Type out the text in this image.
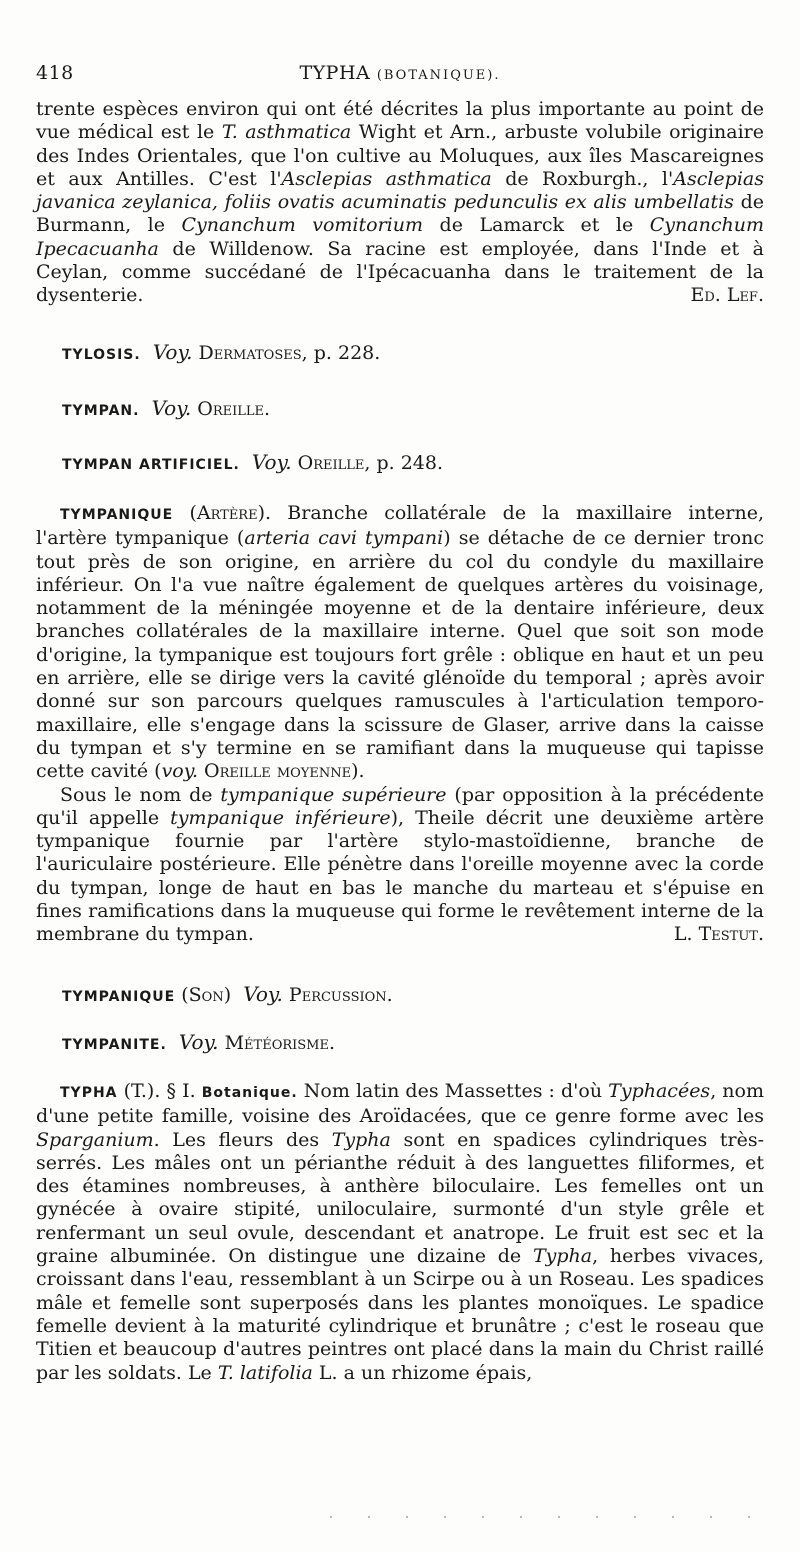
418	TYPHA (BOTANIQUE).

trente espèces environ qui ont été décrites la plus importante au point de vue médical est le T. asthmatica Wight et Arn., arbuste volubile originaire des Indes Orientales, que l'on cultive au Moluques, aux îles Mascareignes et aux Antilles. C'est l'Asclepias asthmatica de Roxburgh., l'Asclepias javanica zeylanica, foliis ovatis acuminatis pedunculis ex alis umbellatis de Burmann, le Cynanchum vomitorium de Lamarck et le Cynanchum Ipecacuanha de Willdenow. Sa racine est employée, dans l'Inde et à Ceylan, comme succédané de l'Ipécacuanha dans le traitement de la dysenterie.	Ed. Lef.

TYLOSIS. Voy. Dermatoses, p. 228.
TYMPAN. Voy. Oreille.
TYMPAN ARTIFICIEL. Voy. Oreille, p. 248.

TYMPANIQUE (Artère). Branche collatérale de la maxillaire interne, l'artère tympanique (arteria cavi tympani) se détache de ce dernier tronc tout près de son origine, en arrière du col du condyle du maxillaire inférieur. On l'a vue naître également de quelques artères du voisinage, notamment de la méningée moyenne et de la dentaire inférieure, deux branches collatérales de la maxillaire interne. Quel que soit son mode d'origine, la tympanique est toujours fort grêle : oblique en haut et un peu en arrière, elle se dirige vers la cavité glénoïde du temporal ; après avoir donné sur son parcours quelques ramuscules à l'articulation temporo-maxillaire, elle s'engage dans la scissure de Glaser, arrive dans la caisse du tympan et s'y termine en se ramifiant dans la muqueuse qui tapisse cette cavité (voy. Oreille moyenne).

Sous le nom de tympanique supérieure (par opposition à la précédente qu'il appelle tympanique inférieure), Theile décrit une deuxième artère tympanique fournie par l'artère stylo-mastoïdienne, branche de l'auriculaire postérieure. Elle pénètre dans l'oreille moyenne avec la corde du tympan, longe de haut en bas le manche du marteau et s'épuise en fines ramifications dans la muqueuse qui forme le revêtement interne de la membrane du tympan.	L. Testut.

TYMPANIQUE (Son) Voy. Percussion.
TYMPANITE. Voy. Météorisme.

TYPHA (T.). § I. Botanique. Nom latin des Massettes : d'où Typhacées, nom d'une petite famille, voisine des Aroïdacées, que ce genre forme avec les Sparganium. Les fleurs des Typha sont en spadices cylindriques très-serrés. Les mâles ont un périanthe réduit à des languettes filiformes, et des étamines nombreuses, à anthère biloculaire. Les femelles ont un gynécée à ovaire stipité, uniloculaire, surmonté d'un style grêle et renfermant un seul ovule, descendant et anatrope. Le fruit est sec et la graine albuminée. On distingue une dizaine de Typha, herbes vivaces, croissant dans l'eau, ressemblant à un Scirpe ou à un Roseau. Les spadices mâle et femelle sont superposés dans les plantes monoïques. Le spadice femelle devient à la maturité cylindrique et brunâtre ; c'est le roseau que Titien et beaucoup d'autres peintres ont placé dans la main du Christ raillé par les soldats. Le T. latifolia L. a un rhizome épais,
